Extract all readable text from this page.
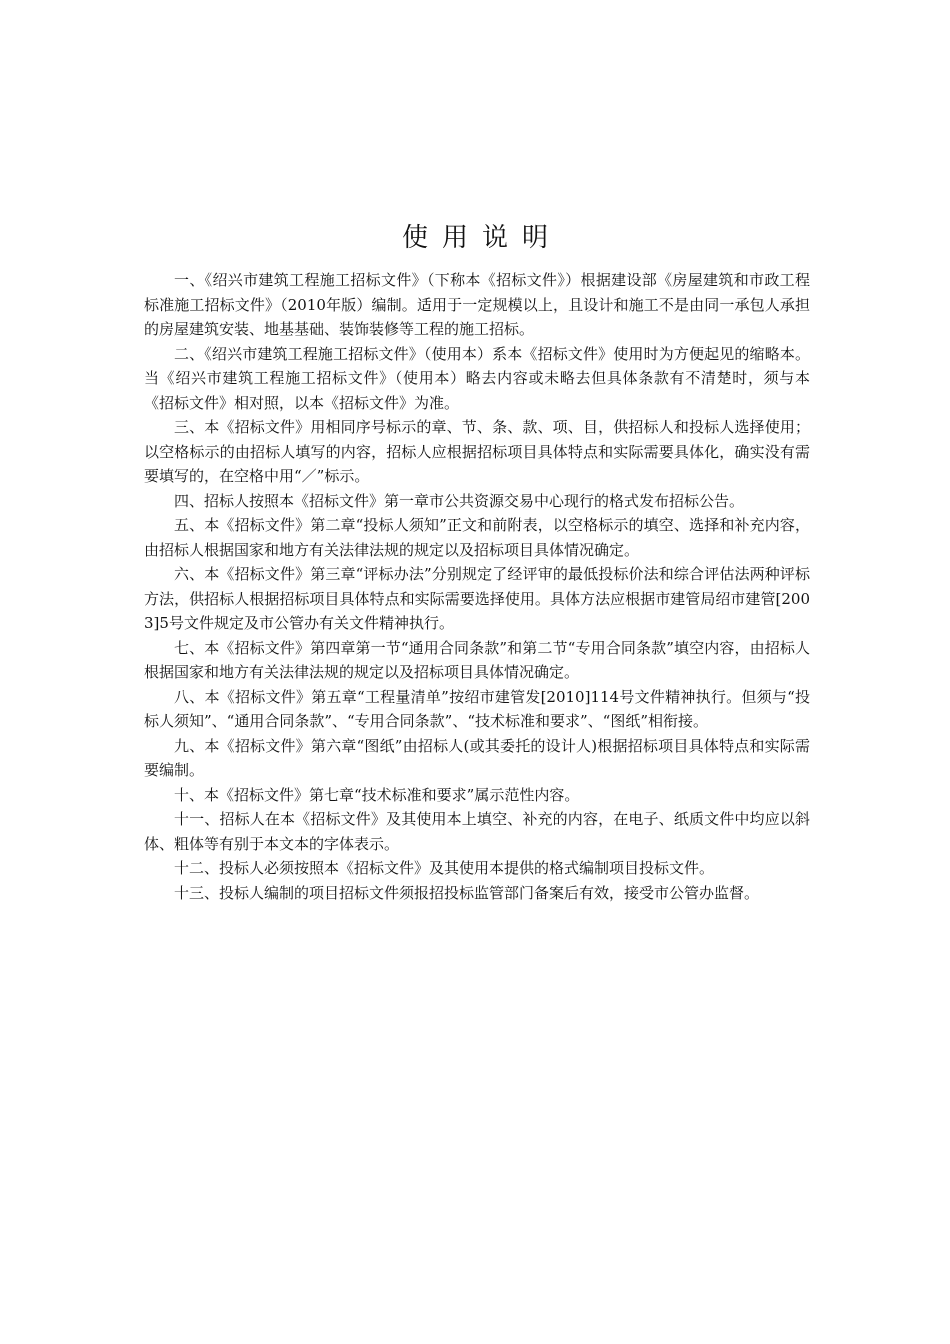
使用说明

一、《绍兴市建筑工程施工招标文件》（下称本《招标文件》）根据建设部《房屋建筑和市政工程标准施工招标文件》（2010年版）编制。适用于一定规模以上，且设计和施工不是由同一承包人承担的房屋建筑安装、地基基础、装饰装修等工程的施工招标。

二、《绍兴市建筑工程施工招标文件》（使用本）系本《招标文件》使用时为方便起见的缩略本。当《绍兴市建筑工程施工招标文件》（使用本）略去内容或未略去但具体条款有不清楚时，须与本《招标文件》相对照，以本《招标文件》为准。

三、本《招标文件》用相同序号标示的章、节、条、款、项、目，供招标人和投标人选择使用；以空格标示的由招标人填写的内容，招标人应根据招标项目具体特点和实际需要具体化，确实没有需要填写的，在空格中用“／”标示。

四、招标人按照本《招标文件》第一章市公共资源交易中心现行的格式发布招标公告。

五、本《招标文件》第二章“投标人须知”正文和前附表，以空格标示的填空、选择和补充内容，由招标人根据国家和地方有关法律法规的规定以及招标项目具体情况确定。

六、本《招标文件》第三章“评标办法”分别规定了经评审的最低投标价法和综合评估法两种评标方法，供招标人根据招标项目具体特点和实际需要选择使用。具体方法应根据市建管局绍市建管[2003]5号文件规定及市公管办有关文件精神执行。

七、本《招标文件》第四章第一节“通用合同条款”和第二节“专用合同条款”填空内容，由招标人根据国家和地方有关法律法规的规定以及招标项目具体情况确定。

八、本《招标文件》第五章“工程量清单”按绍市建管发[2010]114号文件精神执行。但须与“投标人须知”、“通用合同条款”、“专用合同条款”、“技术标准和要求”、“图纸”相衔接。

九、本《招标文件》第六章“图纸”由招标人(或其委托的设计人)根据招标项目具体特点和实际需要编制。

十、本《招标文件》第七章“技术标准和要求”属示范性内容。

十一、招标人在本《招标文件》及其使用本上填空、补充的内容，在电子、纸质文件中均应以斜体、粗体等有别于本文本的字体表示。

十二、投标人必须按照本《招标文件》及其使用本提供的格式编制项目投标文件。

十三、投标人编制的项目招标文件须报招投标监管部门备案后有效，接受市公管办监督。
